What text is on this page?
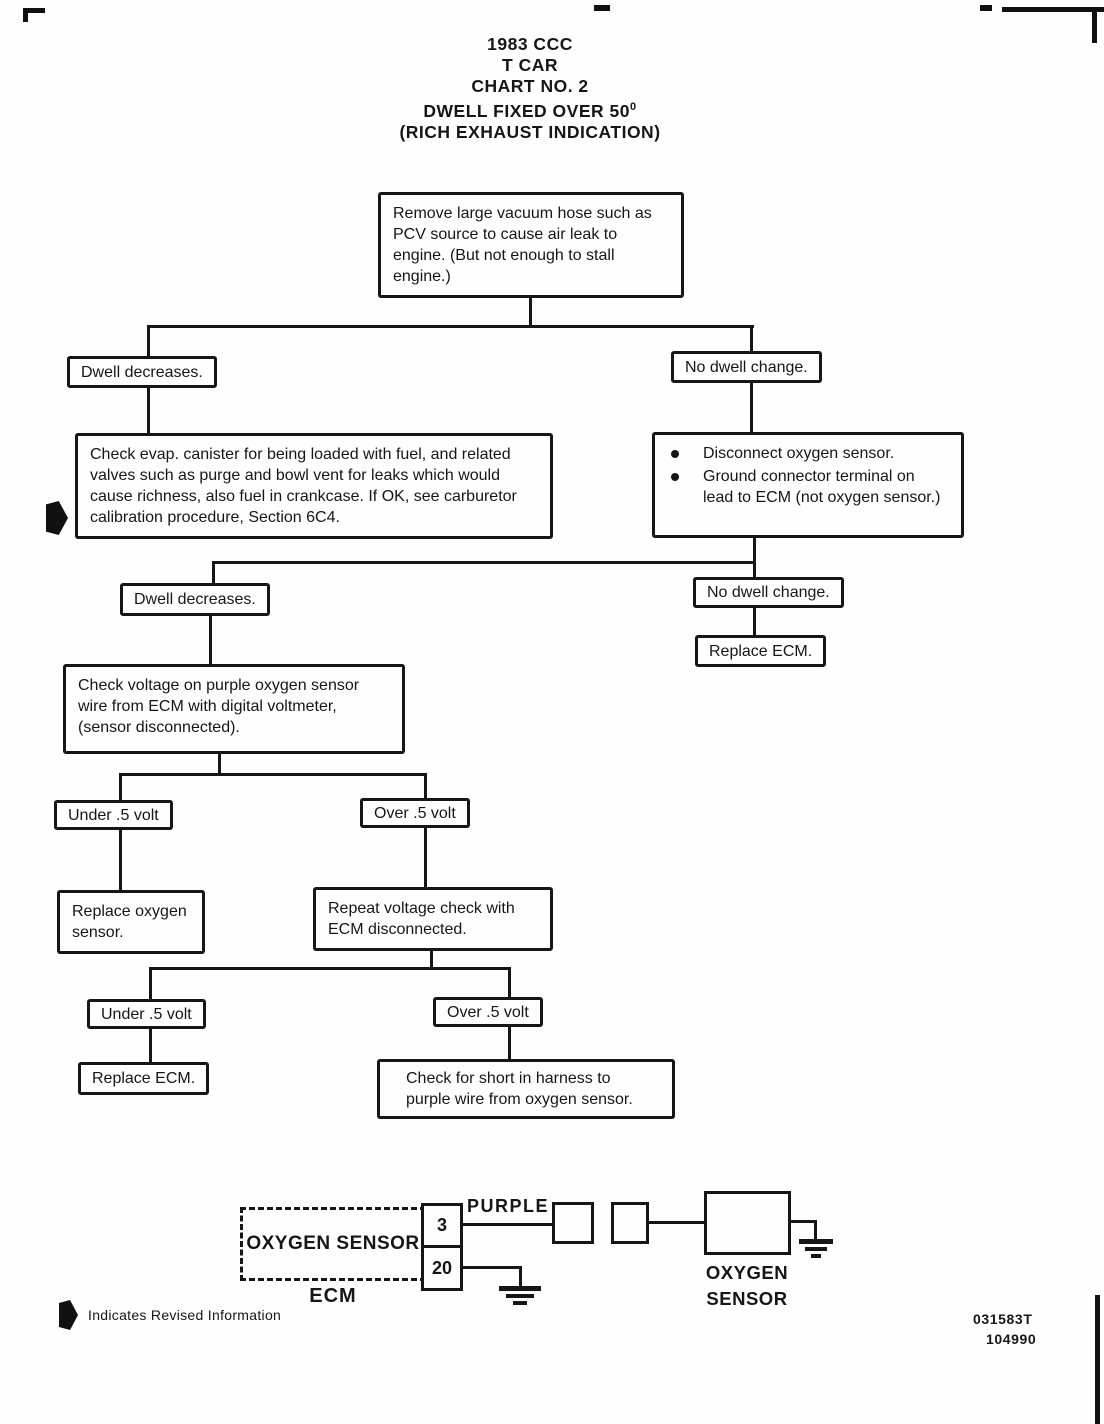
1983 CCC
T CAR
CHART NO. 2
DWELL FIXED OVER $50^0$
(RICH EXHAUST INDICATION)
Remove large vacuum hose such as PCV source to cause air leak to engine. (But not enough to stall engine.)
Dwell decreases.	No dwell change.
Check evap. canister for being loaded with fuel, and related valves such as purge and bowl vent for leaks which would cause richness, also fuel in crankcase. If OK, see carburetor calibration procedure, Section 6C4.
Disconnect oxygen sensor.
Ground connector terminal on lead to ECM (not oxygen sensor.)
Dwell decreases.	No dwell change.
Replace ECM.
Check voltage on purple oxygen sensor wire from ECM with digital voltmeter, (sensor disconnected).
Under .5 volt	Over .5 volt
Replace oxygen sensor.
Repeat voltage check with ECM disconnected.
Under .5 volt	Over .5 volt
Replace ECM.	Check for short in harness to purple wire from oxygen sensor.
OXYGEN SENSOR
ECM
3
20
PURPLE
OXYGEN
SENSOR
Indicates Revised Information	031583T
104990
